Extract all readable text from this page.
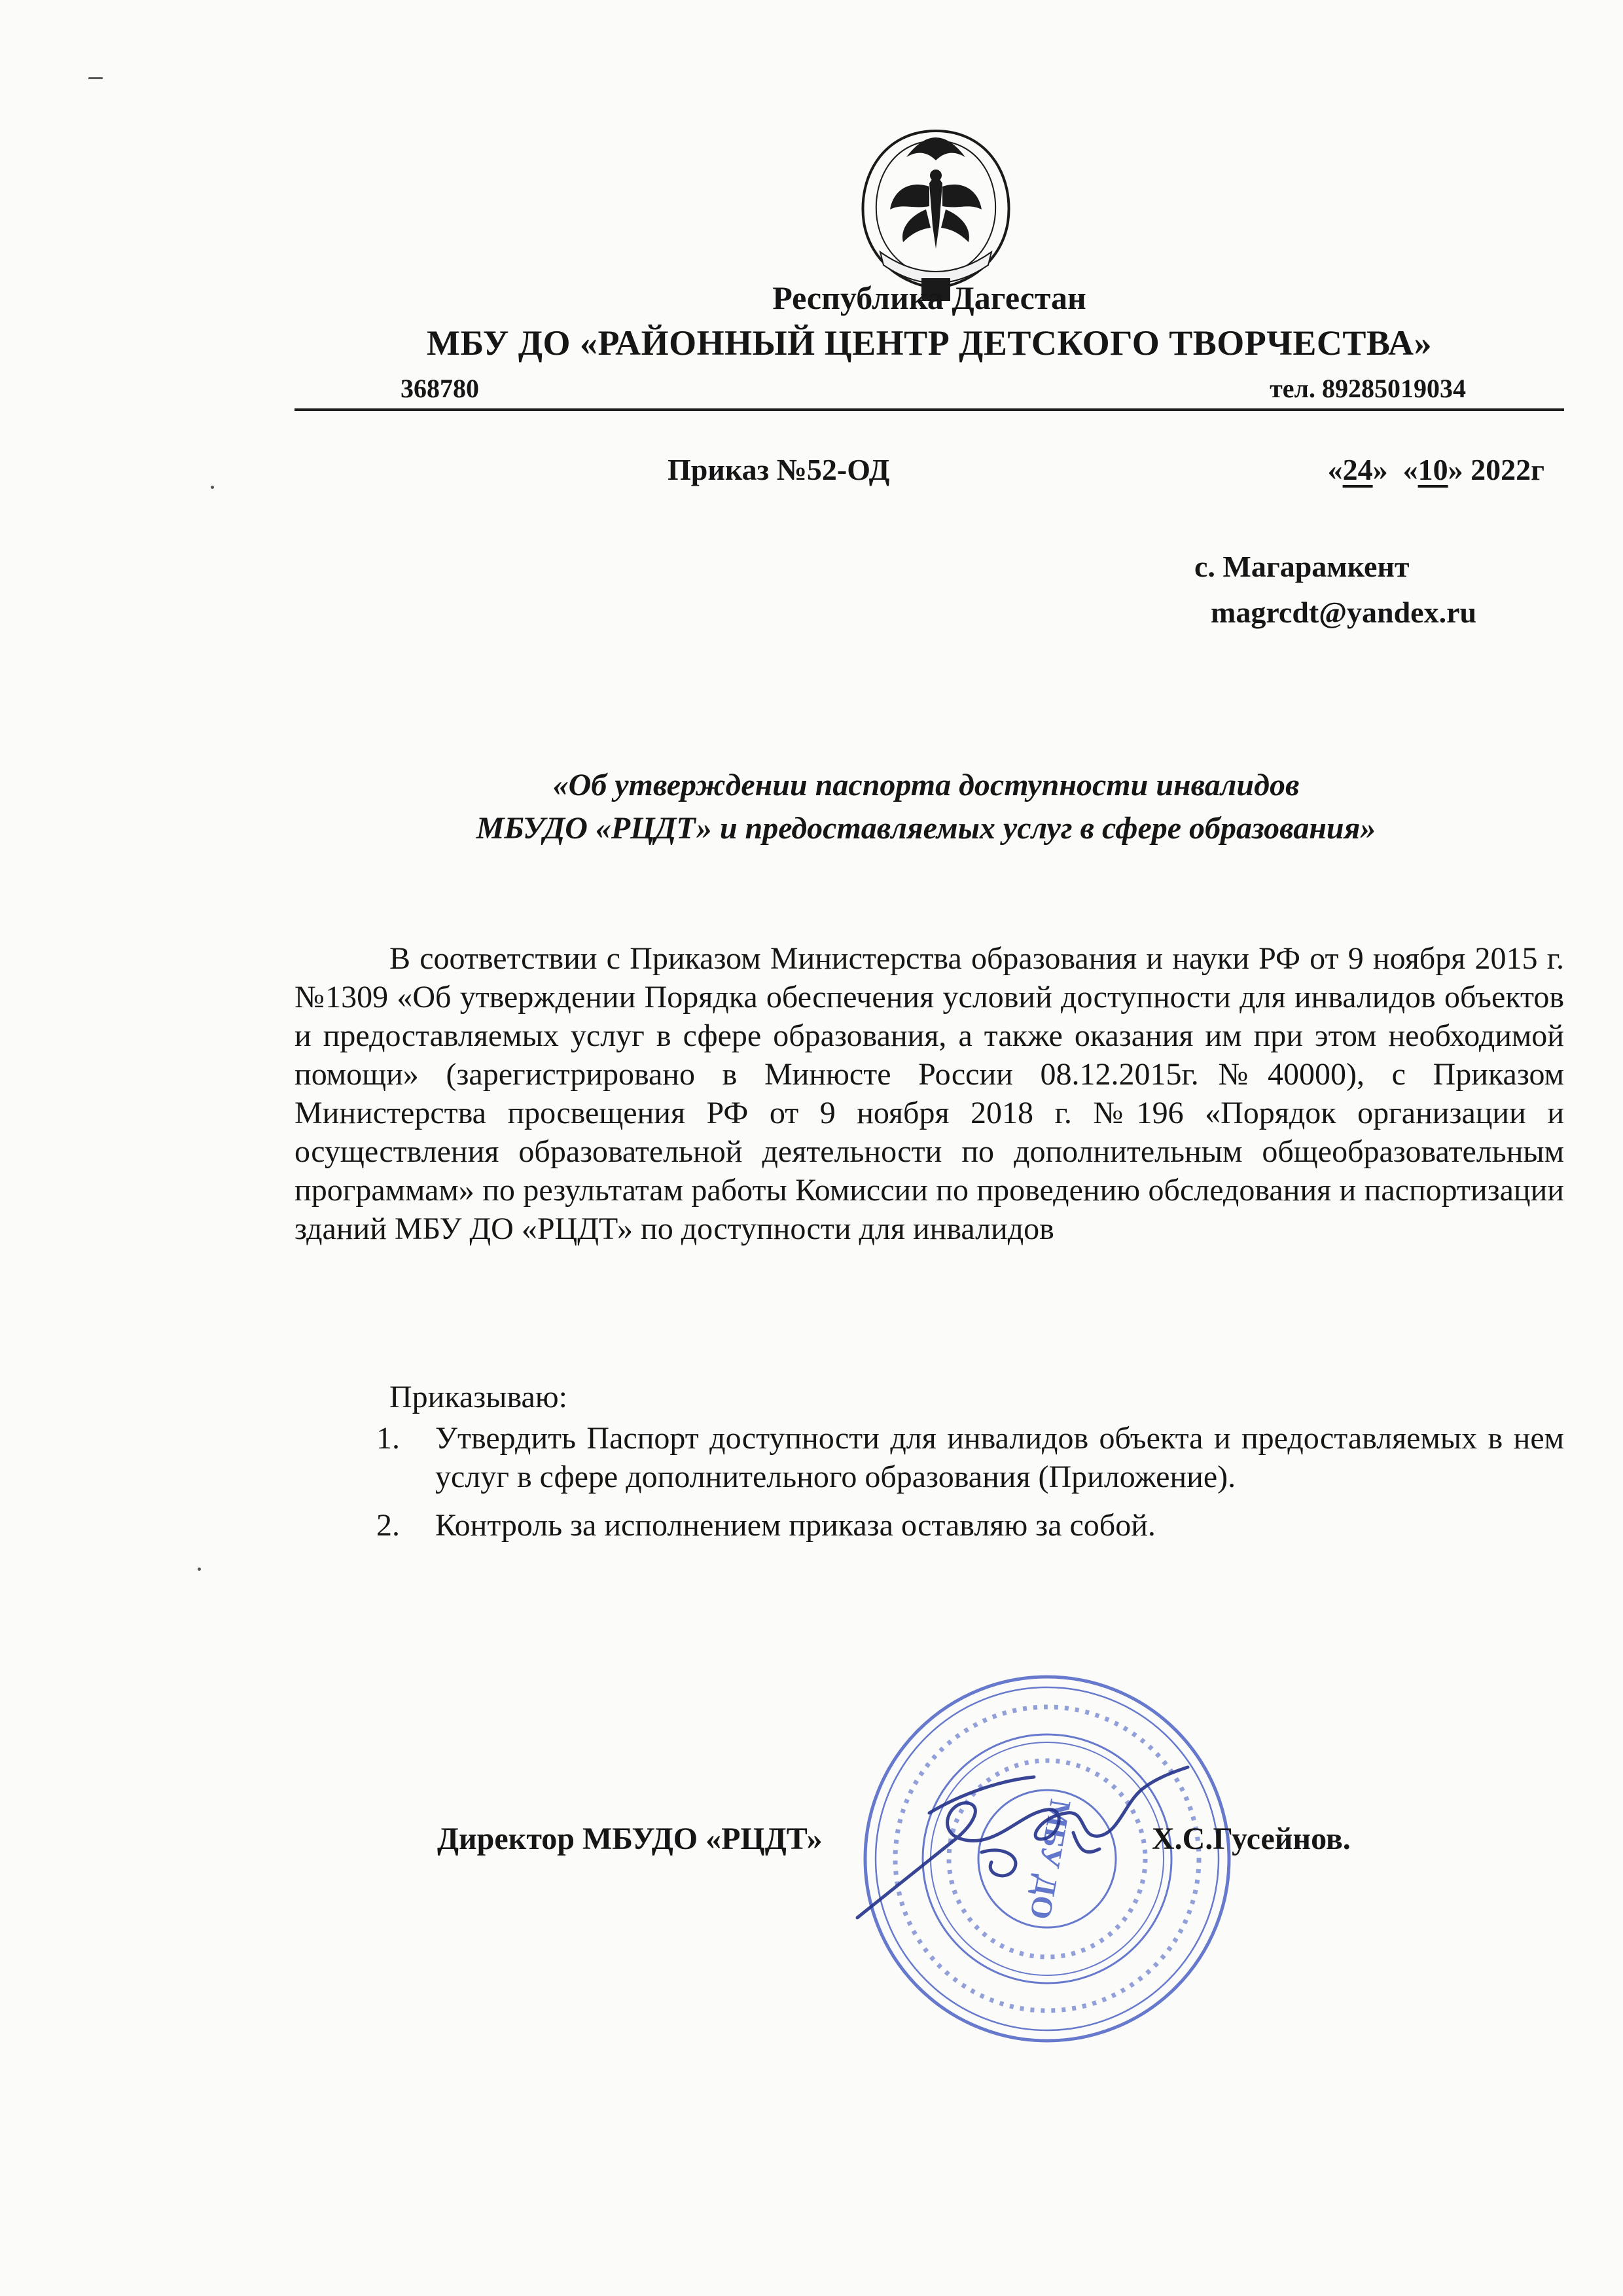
Республика Дагестан
МБУ ДО «РАЙОННЫЙ ЦЕНТР ДЕТСКОГО ТВОРЧЕСТВА»
368780	тел. 89285019034
Приказ №52-ОД	«24»  «10» 2022г
с. Магарамкент
magrcdt@yandex.ru
«Об утверждении паспорта доступности инвалидов
МБУДО «РЦДТ» и предоставляемых услуг в сфере образования»

В соответствии с Приказом Министерства образования и науки РФ от 9 ноября 2015 г. №1309 «Об утверждении Порядка обеспечения условий доступности для инвалидов объектов и предоставляемых услуг в сфере образования, а также оказания им при этом необходимой помощи» (зарегистрировано в Минюсте России 08.12.2015г.№40000), с Приказом Министерства просвещения РФ от 9 ноября 2018 г. №196 «Порядок организации и осуществления образовательной деятельности по дополнительным общеобразовательным программам» по результатам работы Комиссии по проведению обследования и паспортизации зданий МБУ ДО «РЦДТ» по доступности для инвалидов

Приказываю:
1. Утвердить Паспорт доступности для инвалидов объекта и предоставляемых в нем услуг в сфере дополнительного образования (Приложение).
2. Контроль за исполнением приказа оставляю за собой.
МБУ ДО
Директор МБУДО «РЦДТ»	Х.С.Гусейнов.
